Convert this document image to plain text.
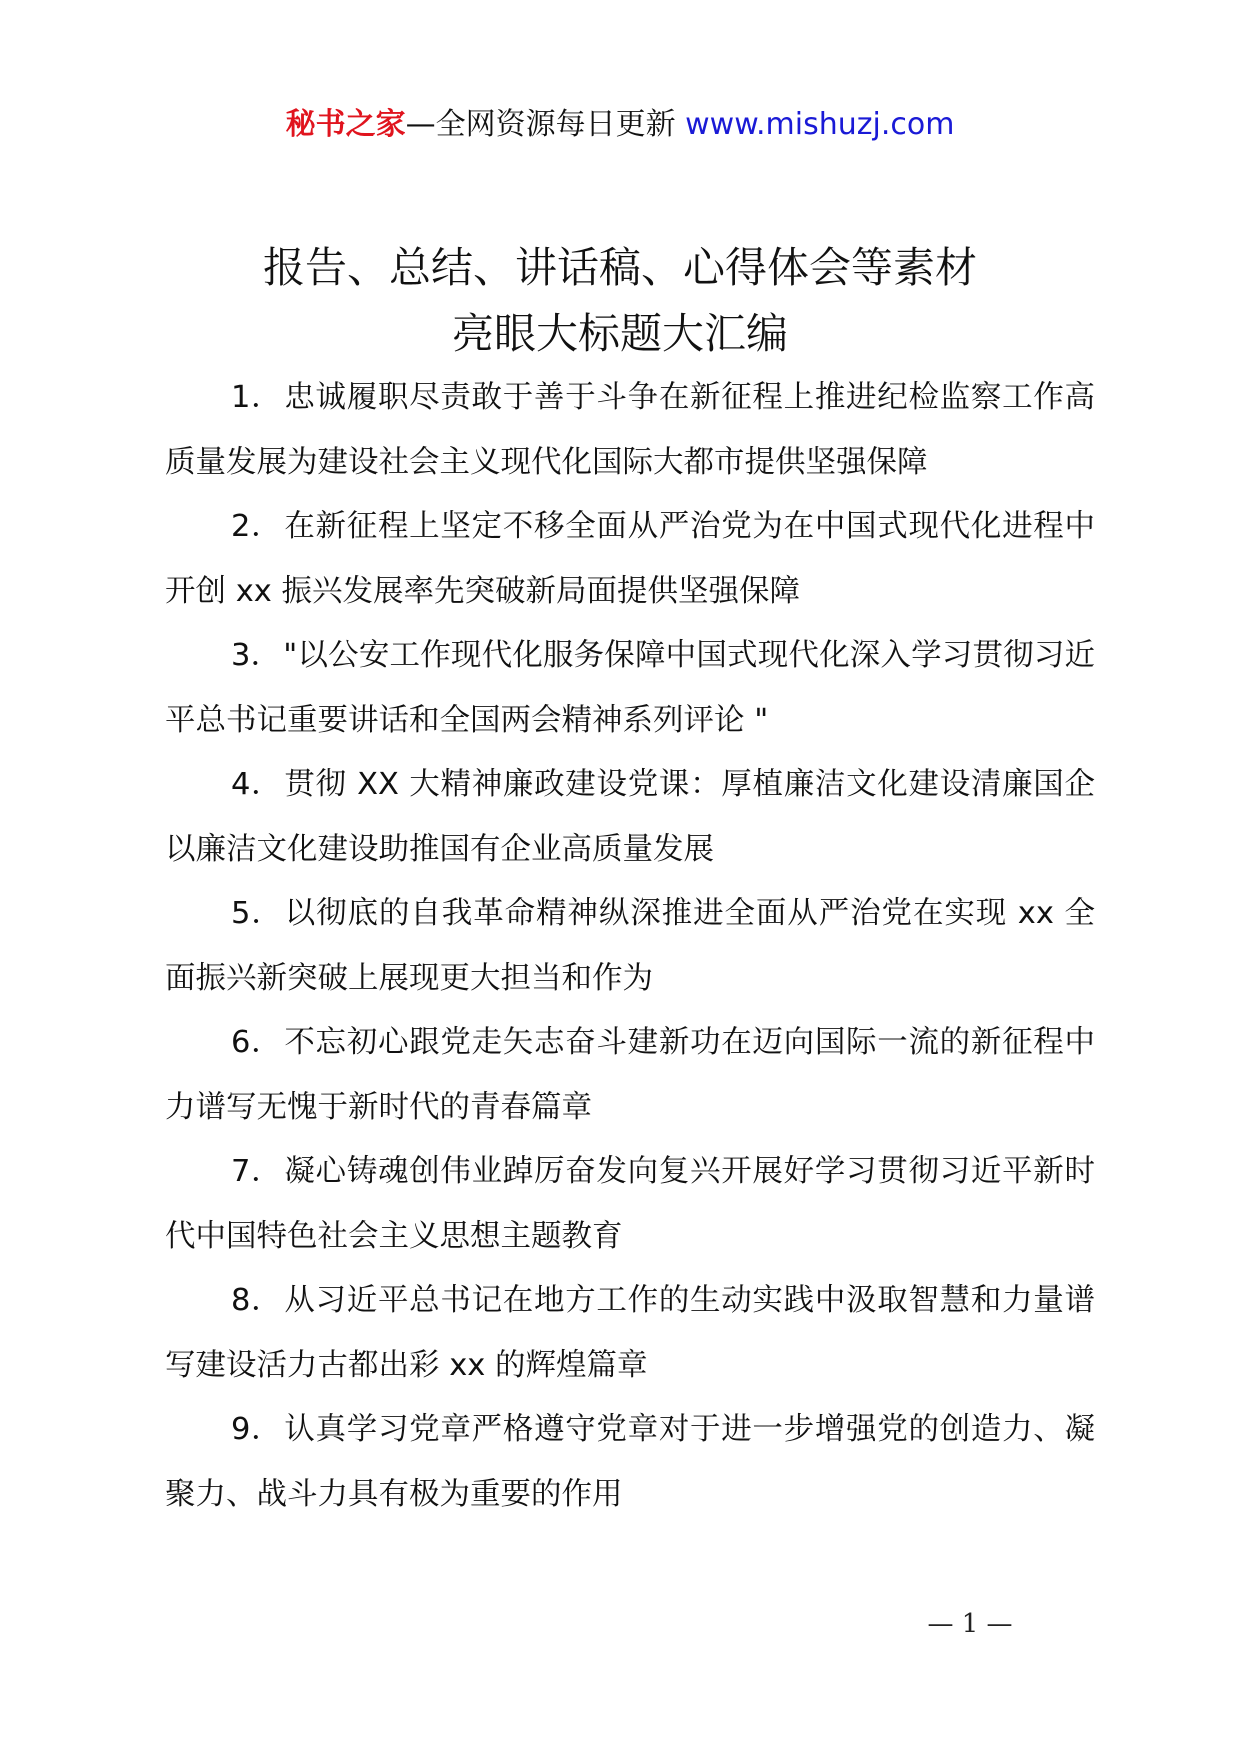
秘书之家—全网资源每日更新 www.mishuzj.com
报告、总结、讲话稿、心得体会等素材
亮眼大标题大汇编

1．忠诚履职尽责敢于善于斗争在新征程上推进纪检监察工作高质量发展为建设社会主义现代化国际大都市提供坚强保障

2．在新征程上坚定不移全面从严治党为在中国式现代化进程中开创 xx 振兴发展率先突破新局面提供坚强保障

3．"以公安工作现代化服务保障中国式现代化深入学习贯彻习近平总书记重要讲话和全国两会精神系列评论 "

4．贯彻 XX 大精神廉政建设党课：厚植廉洁文化建设清廉国企以廉洁文化建设助推国有企业高质量发展

5．以彻底的自我革命精神纵深推进全面从严治党在实现 xx 全面振兴新突破上展现更大担当和作为

6．不忘初心跟党走矢志奋斗建新功在迈向国际一流的新征程中力谱写无愧于新时代的青春篇章

7．凝心铸魂创伟业踔厉奋发向复兴开展好学习贯彻习近平新时代中国特色社会主义思想主题教育

8．从习近平总书记在地方工作的生动实践中汲取智慧和力量谱写建设活力古都出彩 xx 的辉煌篇章

9．认真学习党章严格遵守党章对于进一步增强党的创造力、凝聚力、战斗力具有极为重要的作用

— 1 —
